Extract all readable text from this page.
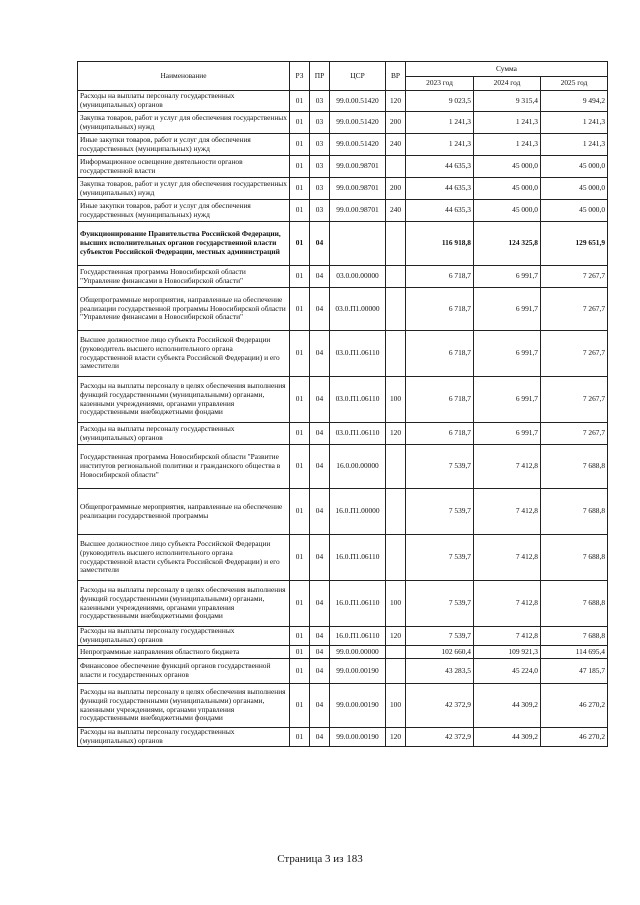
Наименование	РЗ	ПР	ЦСР	ВР	Сумма		
					2023 год	2024 год	2025 год
Расходы на выплаты персоналу государственных (муниципальных) органов	01	03	99.0.00.51420	120	9 023,5	9 315,4	9 494,2
Закупка товаров, работ и услуг для обеспечения государственных (муниципальных) нужд	01	03	99.0.00.51420	200	1 241,3	1 241,3	1 241,3
Иные закупки товаров, работ и услуг для обеспечения государственных (муниципальных) нужд	01	03	99.0.00.51420	240	1 241,3	1 241,3	1 241,3
Информационное освещение деятельности органов государственной власти	01	03	99.0.00.98701		44 635,3	45 000,0	45 000,0
Закупка товаров, работ и услуг для обеспечения государственных (муниципальных) нужд	01	03	99.0.00.98701	200	44 635,3	45 000,0	45 000,0
Иные закупки товаров, работ и услуг для обеспечения государственных (муниципальных) нужд	01	03	99.0.00.98701	240	44 635,3	45 000,0	45 000,0
Функционирование Правительства Российской Федерации, высших исполнительных органов государственной власти субъектов Российской Федерации, местных администраций	01	04			116 918,8	124 325,8	129 651,9
Государственная программа Новосибирской области "Управление финансами в Новосибирской области"	01	04	03.0.00.00000		6 718,7	6 991,7	7 267,7
Общепрограммные мероприятия, направленные на обеспечение реализации государственной программы Новосибирской области "Управление финансами в Новосибирской области"	01	04	03.0.П1.00000		6 718,7	6 991,7	7 267,7
Высшее должностное лицо субъекта Российской Федерации (руководитель высшего исполнительного органа государственной власти субъекта Российской Федерации) и его заместители	01	04	03.0.П1.06110		6 718,7	6 991,7	7 267,7
Расходы на выплаты персоналу в целях обеспечения выполнения функций государственными (муниципальными) органами, казенными учреждениями, органами управления государственными внебюджетными фондами	01	04	03.0.П1.06110	100	6 718,7	6 991,7	7 267,7
Расходы на выплаты персоналу государственных (муниципальных) органов	01	04	03.0.П1.06110	120	6 718,7	6 991,7	7 267,7
Государственная программа Новосибирской области "Развитие институтов региональной политики и гражданского общества в Новосибирской области"	01	04	16.0.00.00000		7 539,7	7 412,8	7 688,8
Общепрограммные мероприятия, направленные на обеспечение реализации государственной программы	01	04	16.0.П1.00000		7 539,7	7 412,8	7 688,8
Высшее должностное лицо субъекта Российской Федерации (руководитель высшего исполнительного органа государственной власти субъекта Российской Федерации) и его заместители	01	04	16.0.П1.06110		7 539,7	7 412,8	7 688,8
Расходы на выплаты персоналу в целях обеспечения выполнения функций государственными (муниципальными) органами, казенными учреждениями, органами управления государственными внебюджетными фондами	01	04	16.0.П1.06110	100	7 539,7	7 412,8	7 688,8
Расходы на выплаты персоналу государственных (муниципальных) органов	01	04	16.0.П1.06110	120	7 539,7	7 412,8	7 688,8
Непрограммные направления областного бюджета	01	04	99.0.00.00000		102 660,4	109 921,3	114 695,4
Финансовое обеспечение функций органов государственной власти и государственных органов	01	04	99.0.00.00190		43 283,5	45 224,0	47 185,7
Расходы на выплаты персоналу в целях обеспечения выполнения функций государственными (муниципальными) органами, казенными учреждениями, органами управления государственными внебюджетными фондами	01	04	99.0.00.00190	100	42 372,9	44 309,2	46 270,2
Расходы на выплаты персоналу государственных (муниципальных) органов	01	04	99.0.00.00190	120	42 372,9	44 309,2	46 270,2
Страница 3 из 183
